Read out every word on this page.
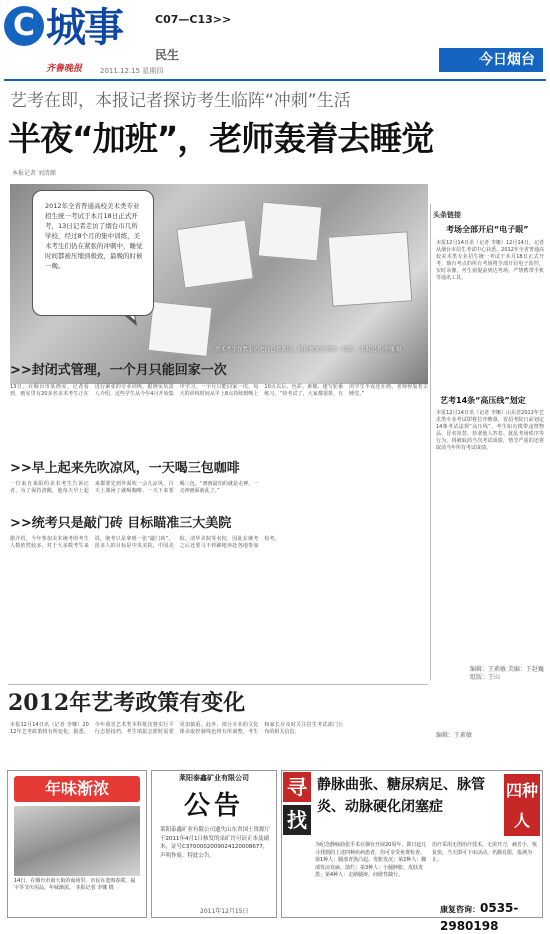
C 城事	C07—C13>>
民生
齐鲁晚报	2011.12.15 星期四
今日烟台
艺考在即，本报记者探访考生临阵“冲刺”生活
半夜“加班”，老师轰着去睡觉
本报记者 刘清源
美术考生在教室内进行色彩训练，准备参加全省统一考试。 本报记者 李娜 摄
2012年全省普通高校美术类专业招生统一考试于本月18日正式开考，13日记者走访了烟台市几所学校，经过8个月的集中训练，美术考生们仍在紧张的冲刺中，睡觉时间都被压缩到极致，最晚的时候一晚。
头条链接
考场全部开启“电子眼”
本报12月14日讯（记者 李娜）12月14日，记者从烟台市招生考试中心获悉，2012年全省普通高校美术类专业招生统一考试于本月18日正式开考，烟台考点的所有考场将全部开启电子监控，实时录像，考生须提前到达考场，严禁携带手机等通讯工具。
艺考14条“高压线”划定
本报12月14日讯（记者 李娜）山东省2012年艺术类专业考试即将拉开帷幕，省招考院日前划定14条考试违规“高压线”，考生如有携带违禁物品、冒名顶替、抄袭他人答卷、扰乱考场秩序等行为，将被取消当次考试成绩，情节严重的还将取消当年所有考试成绩。
编辑：王素敏 美编：王赵巍 组版：王山
>>封闭式管理，一个月只能回家一次
13日，在烟台市某画室，记者看到，画室里有20多名美术考生正在进行紧张的专业训练。据画室负责人介绍，这些学生从今年4月开始集中学习，一个月只能回家一次，每天的训练时间从早上8点持续到晚上10点以后，色彩、素描、速写轮番练习。“快考试了，大家都很拼，有的学生半夜还在画，老师得轰着去睡觉。”
>>早上起来先吹凉风，一天喝三包咖啡
一位来自莱阳的美术考生告诉记者，为了保持清醒，他每天早上起来都要先到外面吹一会儿凉风，白天上课困了就喝咖啡，一天下来要喝三包。“画画最怕的就是走神，一走神画面就乱了。”
>>统考只是敲门砖 目标瞄准三大美院
据介绍，今年参加美术统考的考生人数依然较多，对于大多数考生来说，统考只是拿到一张“敲门砖”，很多人的目标是中央美院、中国美院、清华美院等名校，因此在统考之后还要马不停蹄地奔赴各地参加校考。
2012年艺考政策有变化
本报12月14日讯（记者 李娜）2012年艺考政策将有所变化，据悉，今年我省艺术类本科批次将实行平行志愿投档，考生填报志愿时需要更加慎重。此外，部分专业的文化课录取控制线也将有所调整，考生和家长应及时关注招生考试部门公布的相关信息。	编辑：王素敏
年味渐浓
14日，在烟台市南大街的商场里，市民在选购春联、福字等节庆用品，年味渐浓。 本报记者 李娜 摄
莱阳泰鑫矿业有限公司
公告
莱阳泰鑫矿业有限公司遗失山东省国土资源厅于2011年4月1日核发的采矿许可证正本及副本，证号C3700002009024120008677，声明作废。特此公告。
2011年12月15日
寻
找
静脉曲张、糖尿病足、脉管炎、动脉硬化闭塞症
四种人
为纪念静脉曲张手术在烟台开展20周年，即日起凡寻找到的上述四种疾病患者，均可享受免费检查。第1种人：腿部青筋凸起、发胀发沉；第2种人：脚部发凉发麻、溃烂；第3种人：小腿肿胀、皮肤发黑；第4种人：走路腿疼、间歇性跛行。
治疗采用无创治疗技术，无需开刀，痛苦小，恢复快，当天即可下床活动。名额有限，报满为止。
康复咨询：0535-2980198
